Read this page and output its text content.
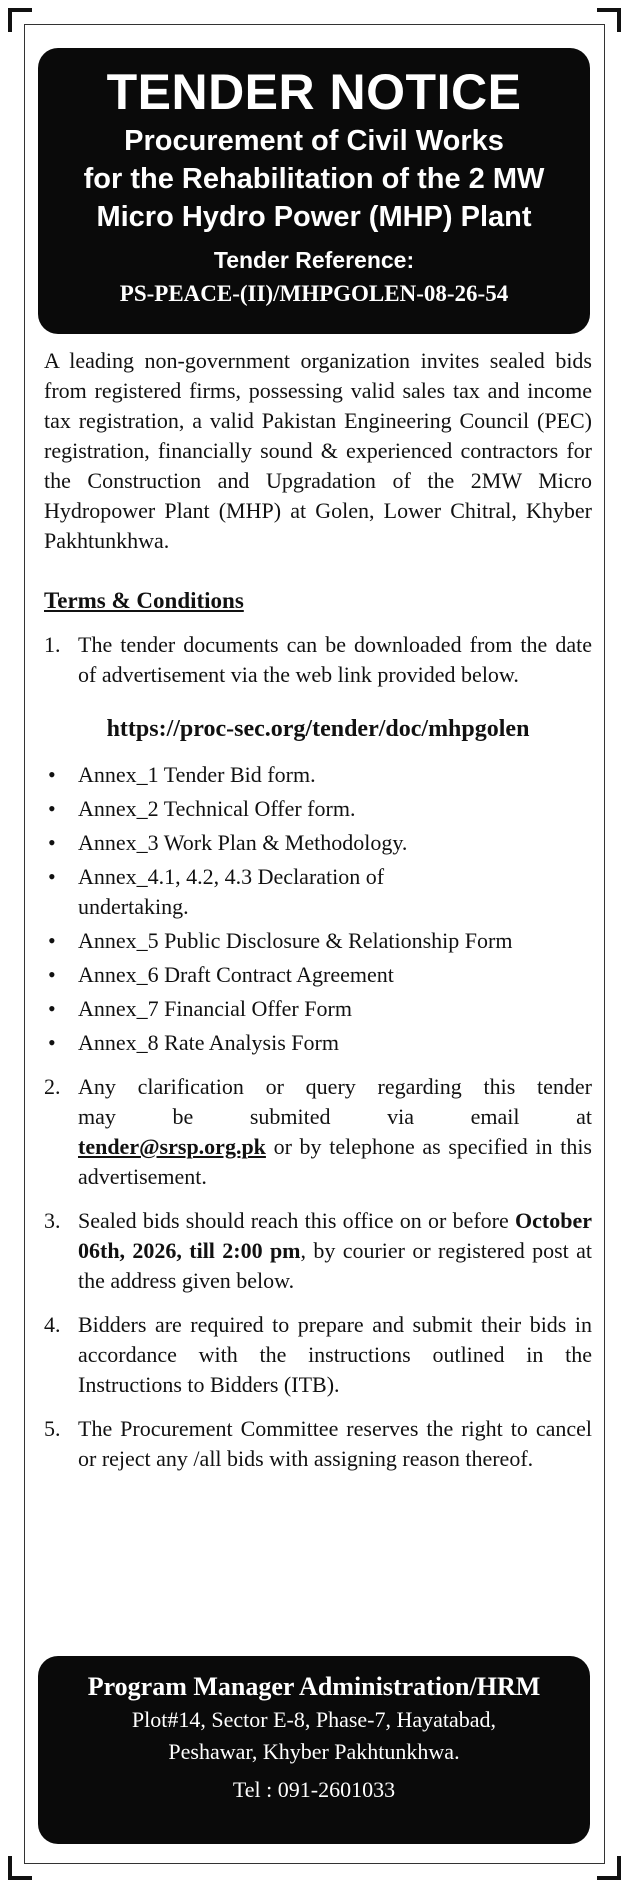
TENDER NOTICE
Procurement of Civil Works
for the Rehabilitation of the 2 MW
Micro Hydro Power (MHP) Plant
Tender Reference:
PS-PEACE-(II)/MHPGOLEN-08-26-54

A leading non-government organization invites sealed bids from registered firms, possessing valid sales tax and income tax registration, a valid Pakistan Engineering Council (PEC) registration, financially sound & experienced contractors for the Construction and Upgradation of the 2MW Micro Hydropower Plant (MHP) at Golen, Lower Chitral, Khyber Pakhtunkhwa.

Terms & Conditions
1. The tender documents can be downloaded from the date of advertisement via the web link provided below.
https://proc-sec.org/tender/doc/mhpgolen
•	Annex_1 Tender Bid form.
•	Annex_2 Technical Offer form.
•	Annex_3 Work Plan & Methodology.
•	Annex_4.1, 4.2, 4.3 Declaration of undertaking.
•	Annex_5 Public Disclosure & Relationship Form
•	Annex_6 Draft Contract Agreement
•	Annex_7 Financial Offer Form
•	Annex_8 Rate Analysis Form
2. Any clarification or query regarding this tender
may be submited via email at
tender@srsp.org.pk or by telephone as specified in this advertisement.
3. Sealed bids should reach this office on or before October 06th, 2026, till 2:00 pm, by courier or registered post at the address given below.
4. Bidders are required to prepare and submit their bids in accordance with the instructions outlined in the Instructions to Bidders (ITB).
5. The Procurement Committee reserves the right to cancel or reject any /all bids with assigning reason thereof.
Program Manager Administration/HRM
Plot#14, Sector E-8, Phase-7, Hayatabad,
Peshawar, Khyber Pakhtunkhwa.
Tel : 091-2601033
